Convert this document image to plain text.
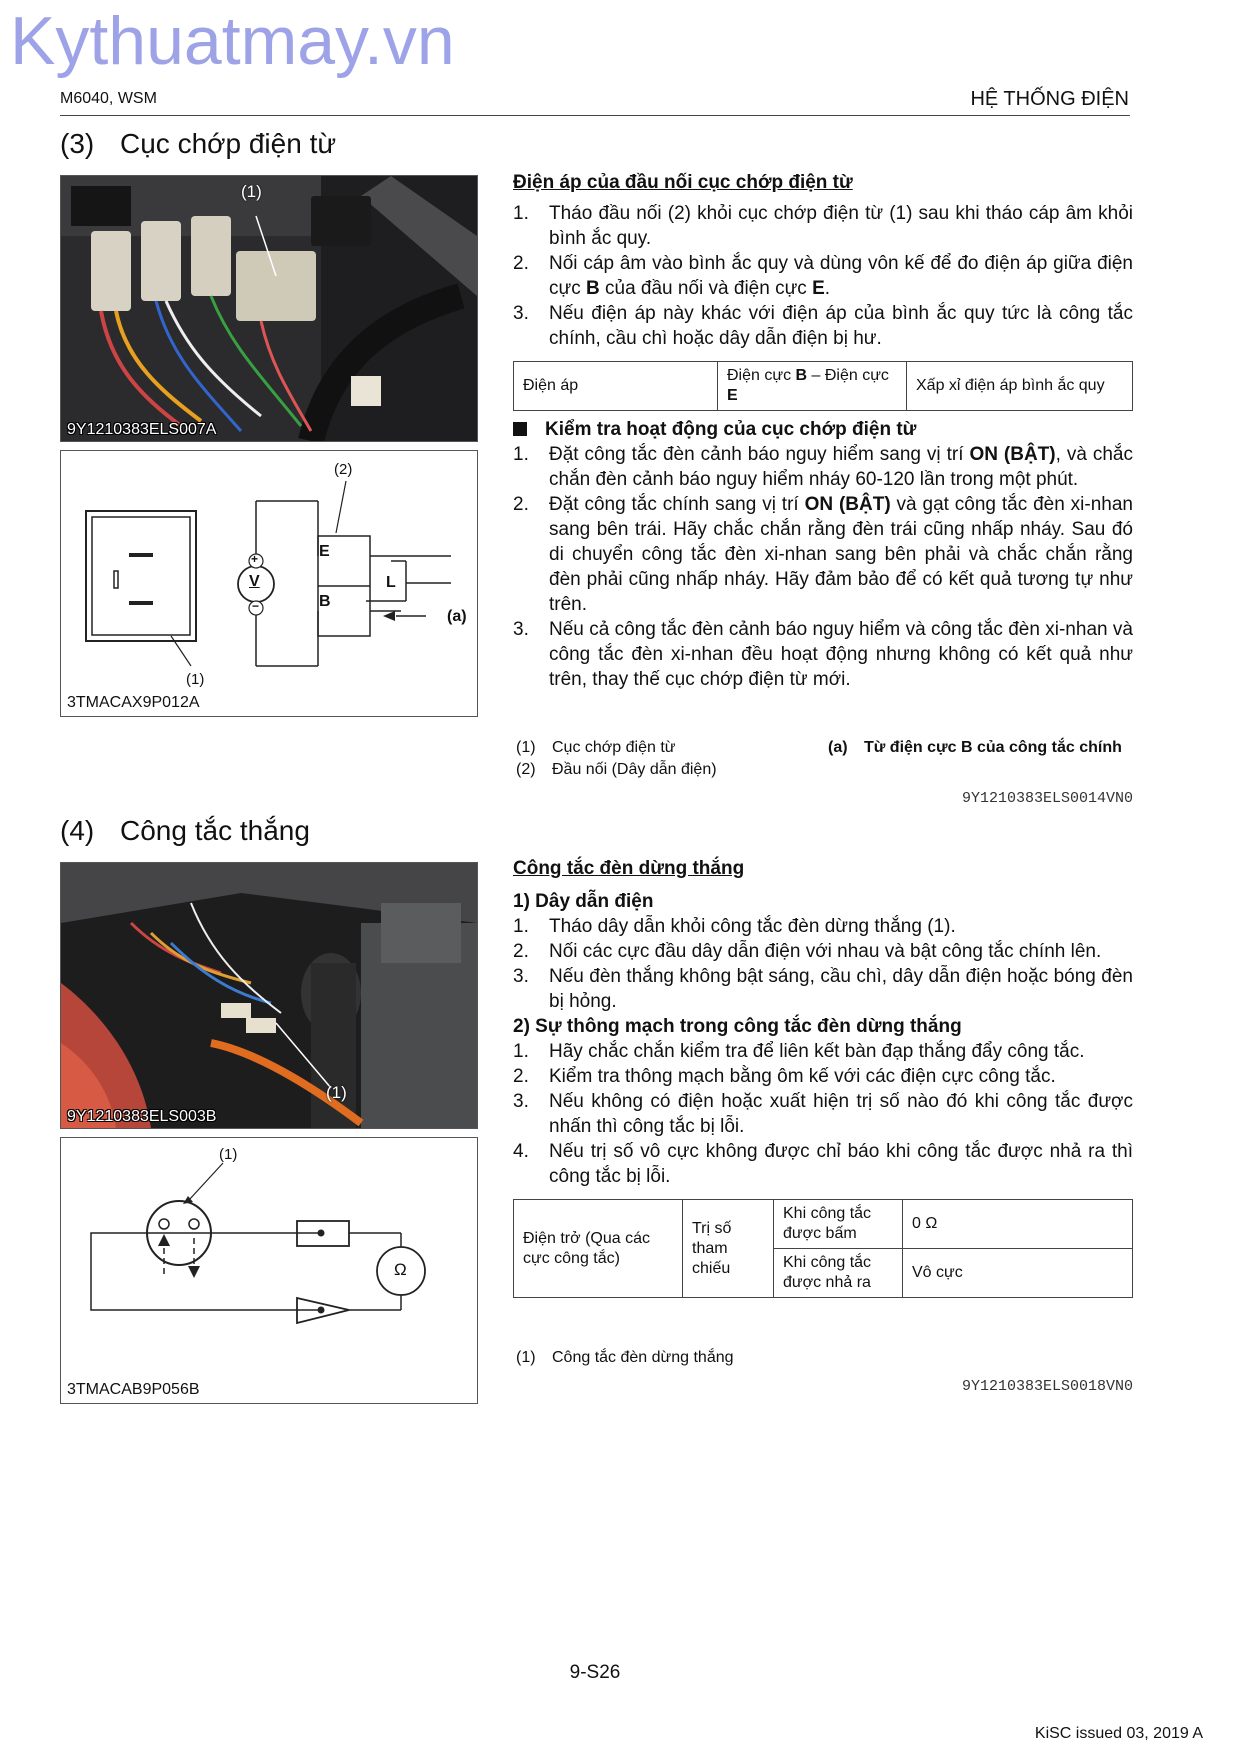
Kythuatmay.vn
M6040, WSM	HỆ THỐNG ĐIỆN
(3) Cục chớp điện từ
(1)
9Y1210383ELS007A
(2)
E
B
L
(a)
V
+
−
(1)
3TMACAX9P012A
Điện áp của đầu nối cục chớp điện từ
1. Tháo đầu nối (2) khỏi cục chớp điện từ (1) sau khi tháo cáp âm khỏi bình ắc quy.
2. Nối cáp âm vào bình ắc quy và dùng vôn kế để đo điện áp giữa điện cực B của đầu nối và điện cực E.
3. Nếu điện áp này khác với điện áp của bình ắc quy tức là công tắc chính, cầu chì hoặc dây dẫn điện bị hư.
Điện áp	Điện cực B – Điện cực E	Xấp xỉ điện áp bình ắc quy
Kiểm tra hoạt động của cục chớp điện từ
1. Đặt công tắc đèn cảnh báo nguy hiểm sang vị trí ON (BẬT), và chắc chắn đèn cảnh báo nguy hiểm nháy 60-120 lần trong một phút.
2. Đặt công tắc chính sang vị trí ON (BẬT) và gạt công tắc đèn xi-nhan sang bên trái. Hãy chắc chắn rằng đèn trái cũng nhấp nháy. Sau đó di chuyển công tắc đèn xi-nhan sang bên phải và chắc chắn rằng đèn phải cũng nhấp nháy. Hãy đảm bảo để có kết quả tương tự như trên.
3. Nếu cả công tắc đèn cảnh báo nguy hiểm và công tắc đèn xi-nhan và công tắc đèn xi-nhan đều hoạt động nhưng không có kết quả như trên, thay thế cục chớp điện từ mới.
(1) Cục chớp điện từ
(2) Đầu nối (Dây dẫn điện)
(a) Từ điện cực B của công tắc chính
9Y1210383ELS0014VN0
(4) Công tắc thắng
(1)
9Y1210383ELS003B
(1)
Ω
3TMACAB9P056B
Công tắc đèn dừng thắng
1) Dây dẫn điện
1. Tháo dây dẫn khỏi công tắc đèn dừng thắng (1).
2. Nối các cực đầu dây dẫn điện với nhau và bật công tắc chính lên.
3. Nếu đèn thắng không bật sáng, cầu chì, dây dẫn điện hoặc bóng đèn bị hỏng.
2) Sự thông mạch trong công tắc đèn dừng thắng
1. Hãy chắc chắn kiểm tra để liên kết bàn đạp thắng đẩy công tắc.
2. Kiểm tra thông mạch bằng ôm kế với các điện cực công tắc.
3. Nếu không có điện hoặc xuất hiện trị số nào đó khi công tắc được nhấn thì công tắc bị lỗi.
4. Nếu trị số vô cực không được chỉ báo khi công tắc được nhả ra thì công tắc bị lỗi.
Điện trở (Qua các cực công tắc)	Trị số tham chiếu	Khi công tắc được bấm	0 Ω
		Khi công tắc được nhả ra	Vô cực
(1) Công tắc đèn dừng thắng
9Y1210383ELS0018VN0
9-S26
KiSC issued 03, 2019 A
